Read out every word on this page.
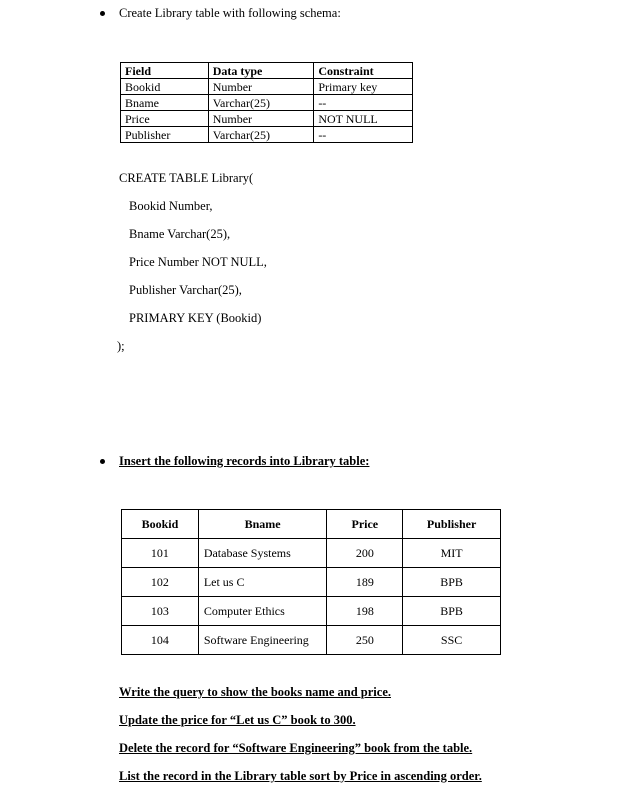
Create Library table with following schema:
Field	Data type	Constraint
Bookid	Number	Primary key
Bname	Varchar(25)	--
Price	Number	NOT NULL
Publisher	Varchar(25)	--
CREATE TABLE Library(
Bookid Number,
Bname Varchar(25),
Price Number NOT NULL,
Publisher Varchar(25),
PRIMARY KEY (Bookid)
);
Insert the following records into Library table:
Bookid	Bname	Price	Publisher
101	Database Systems	200	MIT
102	Let us C	189	BPB
103	Computer Ethics	198	BPB
104	Software Engineering	250	SSC
Write the query to show the books name and price.
Update the price for “Let us C” book to 300.
Delete the record for “Software Engineering” book from the table.
List the record in the Library table sort by Price in ascending order.
